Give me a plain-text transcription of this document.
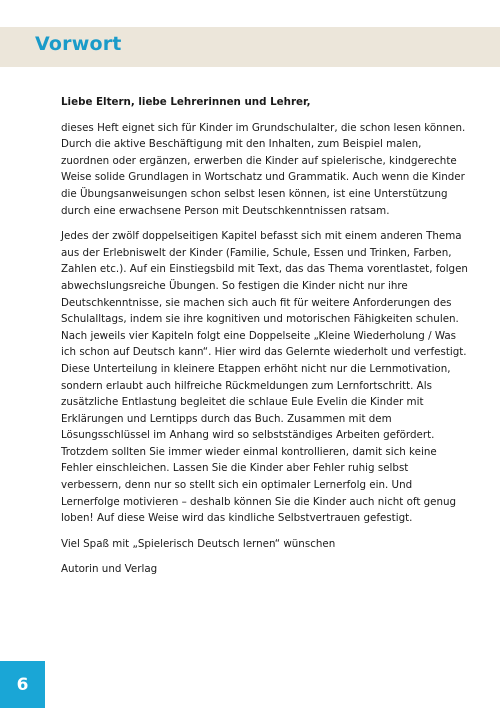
Vorwort

Liebe Eltern, liebe Lehrerinnen und Lehrer,

dieses Heft eignet sich für Kinder im Grundschulalter, die schon lesen können. Durch die aktive Beschäftigung mit den Inhalten, zum Beispiel malen, zuordnen oder ergänzen, erwerben die Kinder auf spielerische, kindgerechte Weise solide Grundlagen in Wortschatz und Grammatik. Auch wenn die Kinder die Übungsanweisungen schon selbst lesen können, ist eine Unterstützung durch eine erwachsene Person mit Deutschkenntnissen ratsam.

Jedes der zwölf doppelseitigen Kapitel befasst sich mit einem anderen Thema aus der Erlebniswelt der Kinder (Familie, Schule, Essen und Trinken, Farben, Zahlen etc.). Auf ein Einstiegsbild mit Text, das das Thema vorentlastet, folgen abwechslungsreiche Übungen. So festigen die Kinder nicht nur ihre Deutschkenntnisse, sie machen sich auch fit für weitere Anforderungen des Schulalltags, indem sie ihre kognitiven und motorischen Fähigkeiten schulen. Nach jeweils vier Kapiteln folgt eine Doppelseite „Kleine Wiederholung / Was ich schon auf Deutsch kann“. Hier wird das Gelernte wiederholt und verfestigt. Diese Unterteilung in kleinere Etappen erhöht nicht nur die Lernmotivation, sondern erlaubt auch hilfreiche Rückmeldungen zum Lernfortschritt. Als zusätzliche Entlastung begleitet die schlaue Eule Evelin die Kinder mit Erklärungen und Lerntipps durch das Buch. Zusammen mit dem Lösungsschlüssel im Anhang wird so selbstständiges Arbeiten gefördert. Trotzdem sollten Sie immer wieder einmal kontrollieren, damit sich keine Fehler einschleichen. Lassen Sie die Kinder aber Fehler ruhig selbst verbessern, denn nur so stellt sich ein optimaler Lernerfolg ein. Und Lernerfolge motivieren – deshalb können Sie die Kinder auch nicht oft genug loben! Auf diese Weise wird das kindliche Selbstvertrauen gefestigt.

Viel Spaß mit „Spielerisch Deutsch lernen“ wünschen

Autorin und Verlag

6
